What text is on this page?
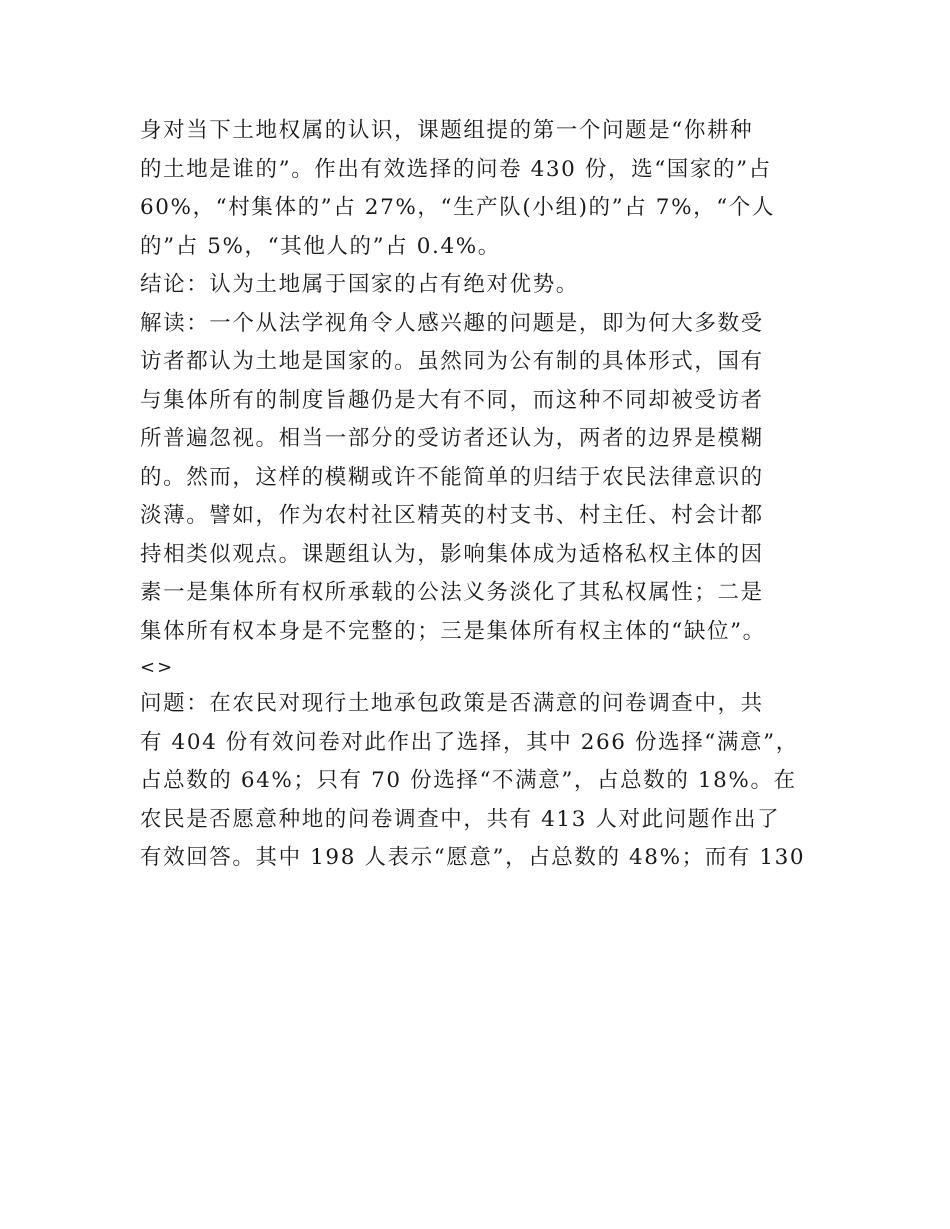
身对当下土地权属的认识，课题组提的第一个问题是“你耕种
的土地是谁的”。作出有效选择的问卷 430 份，选“国家的”占
60%，“村集体的”占 27%，“生产队(小组)的”占 7%，“个人
的”占 5%，“其他人的”占 0.4%。
结论：认为土地属于国家的占有绝对优势。
解读：一个从法学视角令人感兴趣的问题是，即为何大多数受
访者都认为土地是国家的。虽然同为公有制的具体形式，国有
与集体所有的制度旨趣仍是大有不同，而这种不同却被受访者
所普遍忽视。相当一部分的受访者还认为，两者的边界是模糊
的。然而，这样的模糊或许不能简单的归结于农民法律意识的
淡薄。譬如，作为农村社区精英的村支书、村主任、村会计都
持相类似观点。课题组认为，影响集体成为适格私权主体的因
素一是集体所有权所承载的公法义务淡化了其私权属性；二是
集体所有权本身是不完整的；三是集体所有权主体的“缺位”。
<>
问题：在农民对现行土地承包政策是否满意的问卷调查中，共
有 404 份有效问卷对此作出了选择，其中 266 份选择“满意”，
占总数的 64%；只有 70 份选择“不满意”，占总数的 18%。在
农民是否愿意种地的问卷调查中，共有 413 人对此问题作出了
有效回答。其中 198 人表示“愿意”，占总数的 48%；而有 130
